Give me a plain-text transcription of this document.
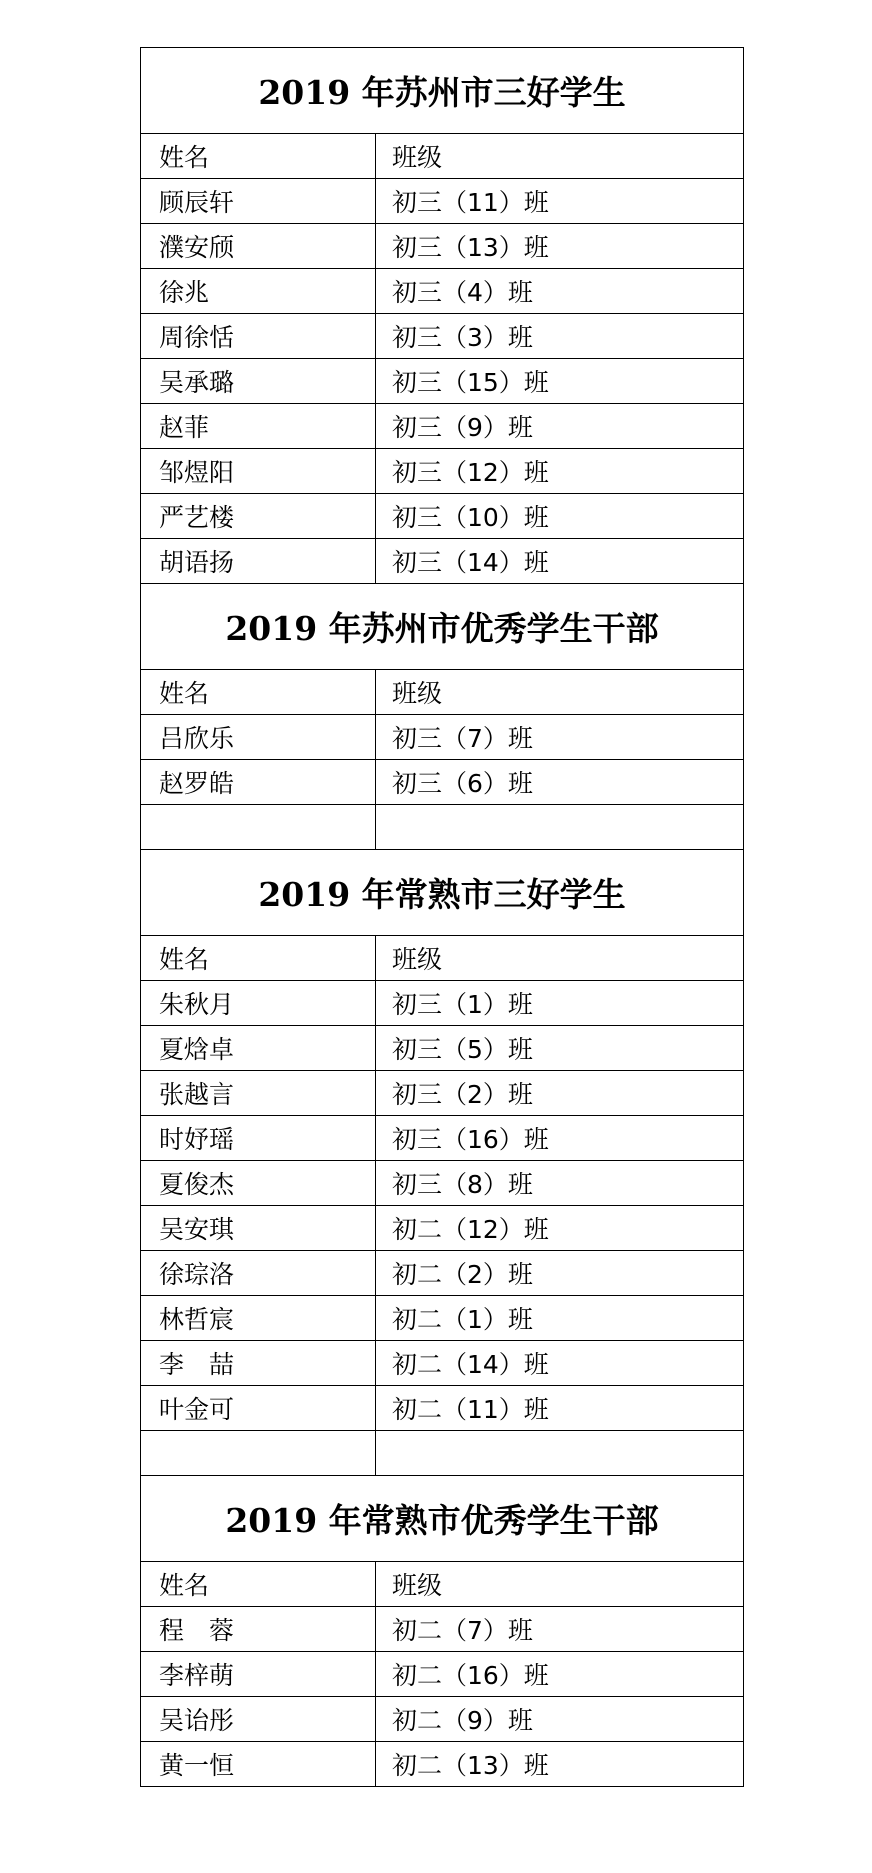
2019 年苏州市三好学生
姓名	班级
顾辰轩	初三（11）班
濮安颀	初三（13）班
徐兆	初三（4）班
周徐恬	初三（3）班
吴承璐	初三（15）班
赵菲	初三（9）班
邹煜阳	初三（12）班
严艺楼	初三（10）班
胡语扬	初三（14）班
2019 年苏州市优秀学生干部
姓名	班级
吕欣乐	初三（7）班
赵罗皓	初三（6）班
2019 年常熟市三好学生
姓名	班级
朱秋月	初三（1）班
夏焓卓	初三（5）班
张越言	初三（2）班
时妤瑶	初三（16）班
夏俊杰	初三（8）班
吴安琪	初二（12）班
徐琮洛	初二（2）班
林哲宸	初二（1）班
李　喆	初二（14）班
叶金可	初二（11）班
2019 年常熟市优秀学生干部
姓名	班级
程　蓉	初二（7）班
李梓萌	初二（16）班
吴诒彤	初二（9）班
黄一恒	初二（13）班
